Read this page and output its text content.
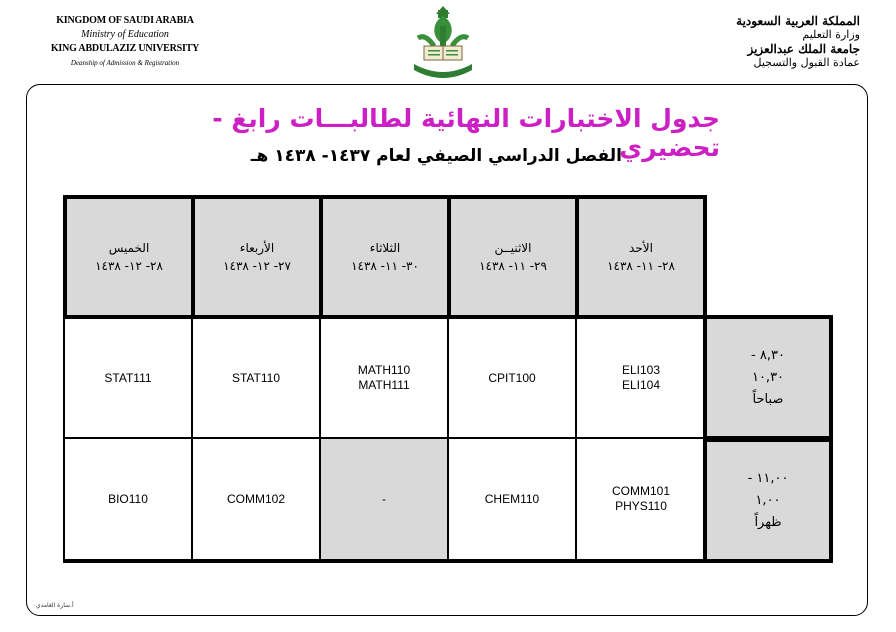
KINGDOM OF SAUDI ARABIA
Ministry of Education
KING ABDULAZIZ UNIVERSITY
Deanship of Admission & Registration
المملكة العربية السعودية
وزارة التعليم
جامعة الملك عبدالعزيز
عمادة القبول والتسجيل
جدول الاختبارات النهائية لطالبـــات رابغ - تحضيري
الفصل الدراسي الصيفي لعام ١٤٣٧- ١٤٣٨ هـ
الأحد
٢٨- ١١- ١٤٣٨
الاثنيــن
٢٩- ١١- ١٤٣٨
الثلاثاء
٣٠- ١١- ١٤٣٨
الأربعاء
٢٧- ١٢- ١٤٣٨
الخميس
٢٨- ١٢- ١٤٣٨
ELI103
ELI104
CPIT100
MATH110
MATH111
STAT110
STAT111
COMM101
PHYS110
CHEM110
-
COMM102
BIO110
٨,٣٠ -
١٠,٣٠
صباحاً
١١,٠٠ -
١,٠٠
ظهراً
أ.سارة الغامدي
